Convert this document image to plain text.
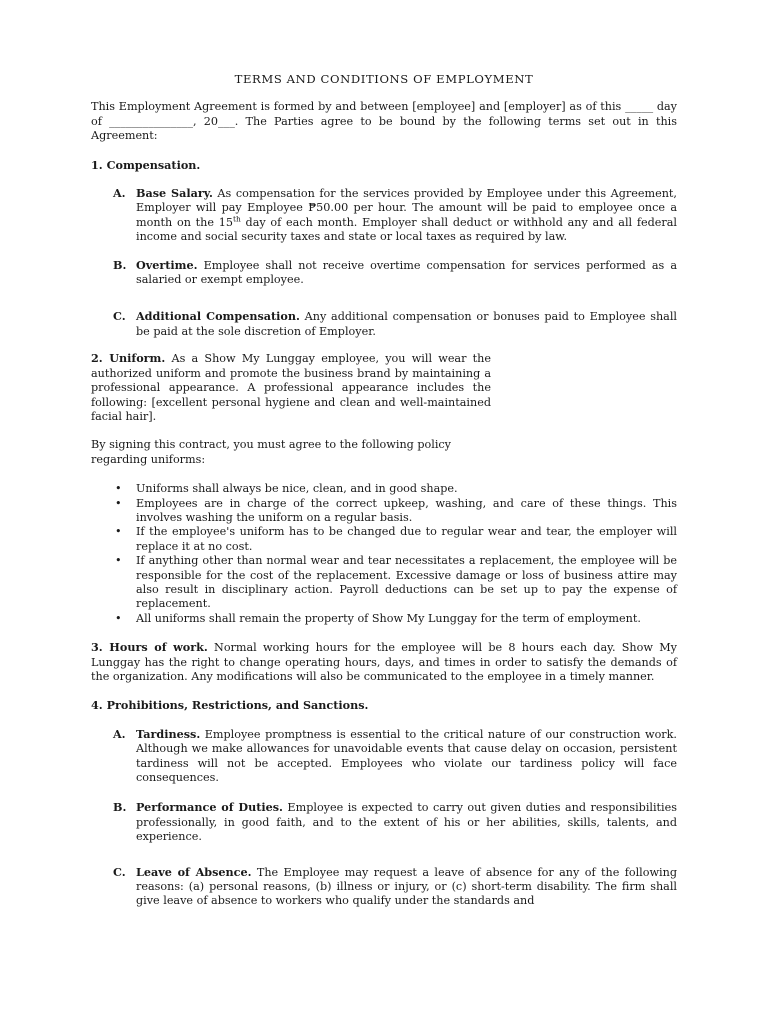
TERMS AND CONDITIONS OF EMPLOYMENT

This Employment Agreement is formed by and between [employee] and [employer] as of this _____ day of _______________, 20___. The Parties agree to be bound by the following terms set out in this Agreement:

1. Compensation.
A. Base Salary. As compensation for the services provided by Employee under this Agreement, Employer will pay Employee ₱50.00 per hour. The amount will be paid to employee once a month on the 15th day of each month. Employer shall deduct or withhold any and all federal income and social security taxes and state or local taxes as required by law.
B. Overtime. Employee shall not receive overtime compensation for services performed as a salaried or exempt employee.
C. Additional Compensation. Any additional compensation or bonuses paid to Employee shall be paid at the sole discretion of Employer.

2. Uniform. As a Show My Lunggay employee, you will wear the authorized uniform and promote the business brand by maintaining a professional appearance. A professional appearance includes the following: [excellent personal hygiene and clean and well-maintained facial hair].

By signing this contract, you must agree to the following policy regarding uniforms:

• Uniforms shall always be nice, clean, and in good shape.
• Employees are in charge of the correct upkeep, washing, and care of these things. This involves washing the uniform on a regular basis.
• If the employee's uniform has to be changed due to regular wear and tear, the employer will replace it at no cost.
• If anything other than normal wear and tear necessitates a replacement, the employee will be responsible for the cost of the replacement. Excessive damage or loss of business attire may also result in disciplinary action. Payroll deductions can be set up to pay the expense of replacement.
• All uniforms shall remain the property of Show My Lunggay for the term of employment.

3. Hours of work. Normal working hours for the employee will be 8 hours each day. Show My Lunggay has the right to change operating hours, days, and times in order to satisfy the demands of the organization. Any modifications will also be communicated to the employee in a timely manner.

4. Prohibitions, Restrictions, and Sanctions.
A. Tardiness. Employee promptness is essential to the critical nature of our construction work. Although we make allowances for unavoidable events that cause delay on occasion, persistent tardiness will not be accepted. Employees who violate our tardiness policy will face consequences.
B. Performance of Duties. Employee is expected to carry out given duties and responsibilities professionally, in good faith, and to the extent of his or her abilities, skills, talents, and experience.
C. Leave of Absence. The Employee may request a leave of absence for any of the following reasons: (a) personal reasons, (b) illness or injury, or (c) short-term disability. The firm shall give leave of absence to workers who qualify under the standards and
